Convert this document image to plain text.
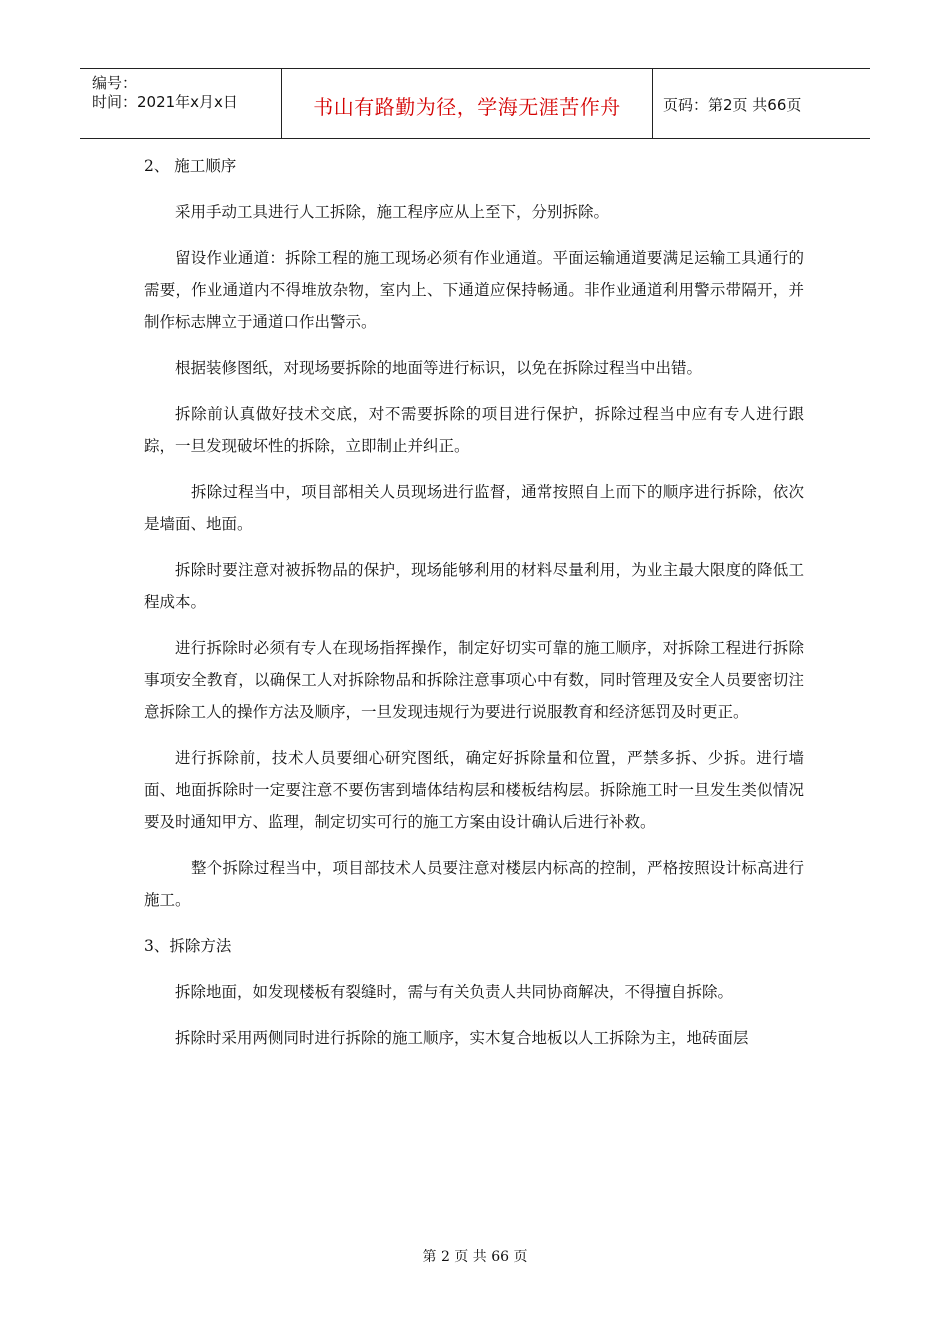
编号：
时间：2021年x月x日	书山有路勤为径，学海无涯苦作舟	页码：第2页 共66页

2、 施工顺序

采用手动工具进行人工拆除，施工程序应从上至下，分别拆除。

留设作业通道：拆除工程的施工现场必须有作业通道。平面运输通道要满足运输工具通行的需要，作业通道内不得堆放杂物，室内上、下通道应保持畅通。非作业通道利用警示带隔开，并制作标志牌立于通道口作出警示。

根据装修图纸，对现场要拆除的地面等进行标识，以免在拆除过程当中出错。

拆除前认真做好技术交底，对不需要拆除的项目进行保护，拆除过程当中应有专人进行跟踪，一旦发现破坏性的拆除，立即制止并纠正。

拆除过程当中，项目部相关人员现场进行监督，通常按照自上而下的顺序进行拆除，依次是墙面、地面。

拆除时要注意对被拆物品的保护，现场能够利用的材料尽量利用，为业主最大限度的降低工程成本。

进行拆除时必须有专人在现场指挥操作，制定好切实可靠的施工顺序，对拆除工程进行拆除事项安全教育，以确保工人对拆除物品和拆除注意事项心中有数，同时管理及安全人员要密切注意拆除工人的操作方法及顺序，一旦发现违规行为要进行说服教育和经济惩罚及时更正。

进行拆除前，技术人员要细心研究图纸，确定好拆除量和位置，严禁多拆、少拆。进行墙面、地面拆除时一定要注意不要伤害到墙体结构层和楼板结构层。拆除施工时一旦发生类似情况要及时通知甲方、监理，制定切实可行的施工方案由设计确认后进行补救。

整个拆除过程当中，项目部技术人员要注意对楼层内标高的控制，严格按照设计标高进行施工。

3、拆除方法

拆除地面，如发现楼板有裂缝时，需与有关负责人共同协商解决，不得擅自拆除。

拆除时采用两侧同时进行拆除的施工顺序，实木复合地板以人工拆除为主，地砖面层

第 2 页 共 66 页
